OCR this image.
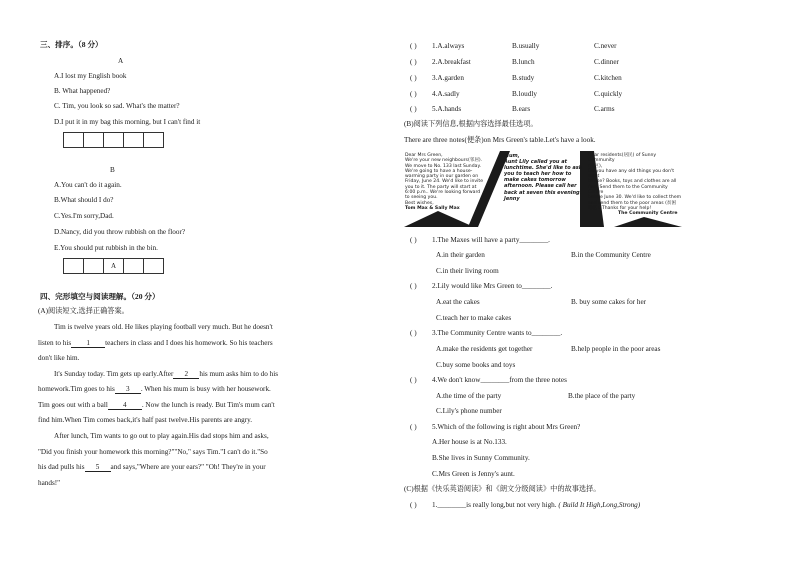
三、排序。（8 分）
A
A.I lost my English book
B. What happened?
C. Tim, you look so sad. What's the matter?
D.I put it in my bag this morning, but I can't find it
B
A.You can't do it again.
B.What should I do?
C.Yes.I'm sorry,Dad.
D.Nancy, did you throw rubbish on the floor?
E.You should put rubbish in the bin.
A
四、完形填空与阅读理解。（20 分）
(A)阅读短文,选择正确答案。
Tim is twelve years old. He likes playing football very much. But he doesn't
listen to his 1 teachers in class and I does his homework. So his teachers
don't like him.
It's Sunday today. Tim gets up early.After 2 his mum asks him to do his
homework.Tim goes to his 3 . When his mum is busy with her housework.
Tim goes out with a ball 4 . Now the lunch is ready. But Tim's mum can't
find him.When Tim comes back,it's half past twelve.His parents are angry.
After lunch, Tim wants to go out to play again.His dad stops him and asks,
"Did you finish your homework this morning?""No," says Tim."I can't do it."So
his dad pulls his 5 and says,"Where are your ears?" "Oh! They're in your
hands!"
( ) 1.A.always	B.usually	C.never
( ) 2.A.breakfast	B.lunch	C.dinner
( ) 3.A.garden	B.study	C.kitchen
( ) 4.A.sadly	B.loudly	C.quickly
( ) 5.A.hands	B.ears	C.arms
(B)阅读下列信息,根据内容选择最佳选项。
There are three notes(便条)on Mrs Green's table.Let's have a look.
Dear Mrs Green,
We're your new neighbours(邻居).
We move to No. 133 last Sunday.
We're going to have a house-
warming party in our garden on
Friday, June 24. We'd like to invite
you to it. The party will start at
6:00 p.m.. We're looking forward
to seeing you.
Best wishes,
Tom Max & Sally Max
Mum,
Aunt Lily called you at
lunchtime. She'd like to ask
you to teach her how to
make cakes tomorrow
afternoon. Please call her
back at seven this evening.
Jenny
Dear residents(居民) of Sunny Community
(社区),
Do you have any old things you don't want
to use? Books, toys and clothes are all
fine. Send them to the Community Centre
before June 30. We'd like to collect them
and send them to the poor areas (贫困
地区). Thanks for your help!
The Community Centre
( ) 1.The Maxes will have a party________.
A.in their garden	B.in the Community Centre
C.in their living room
( ) 2.Lily would like Mrs Green to________.
A.eat the cakes	B. buy some cakes for her
C.teach her to make cakes
( ) 3.The Community Centre wants to________.
A.make the residents get together	B.help people in the poor areas
C.buy some books and toys
( ) 4.We don't know________from the three notes
A.the time of the party	B.the place of the party
C.Lily's phone number
( ) 5.Which of the following is right about Mrs Green?
A.Her house is at No.133.
B.She lives in Sunny Community.
C.Mrs Green is Jenny's aunt.
(C)根据《快乐英语阅读》和《朗文分级阅读》中的故事选择。
( ) 1.________is really long,but not very high. ( Build It High,Long,Strong)
